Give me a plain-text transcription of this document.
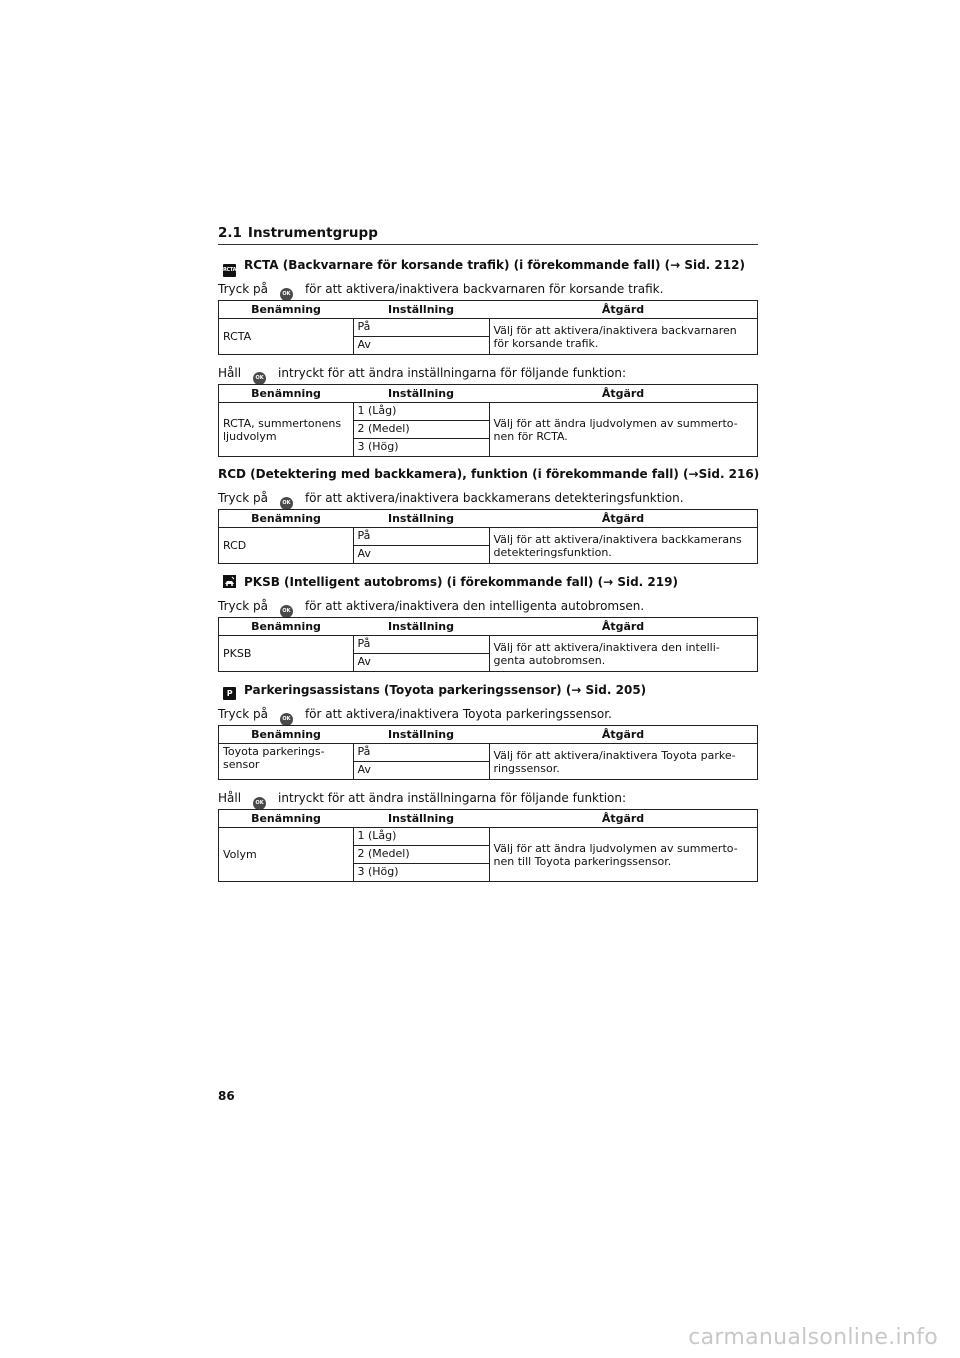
2.1 Instrumentgrupp
RCTA RCTA (Backvarnare för korsande trafik) (i förekommande fall) (→ Sid. 212)
Tryck på	OK för att aktivera/inaktivera backvarnaren för korsande trafik.
Benämning	Inställning	Åtgärd
RCTA	På	Välj för att aktivera/inaktivera backvarnaren för korsande trafik.
	Av	
Håll	OK intryckt för att ändra inställningarna för följande funktion:
Benämning	Inställning	Åtgärd
RCTA, summertonens ljudvolym	1 (Låg)	Välj för att ändra ljudvolymen av summerto- nen för RCTA.
	2 (Medel)	
	3 (Hög)	
RCD (Detektering med backkamera), funktion (i förekommande fall) (→Sid. 216)
Tryck på	OK för att aktivera/inaktivera backkamerans detekteringsfunktion.
Benämning	Inställning	Åtgärd
RCD	På	Välj för att aktivera/inaktivera backkamerans detekteringsfunktion.
	Av	
PKSB (Intelligent autobroms) (i förekommande fall) (→ Sid. 219)
Tryck på	OK för att aktivera/inaktivera den intelligenta autobromsen.
Benämning	Inställning	Åtgärd
PKSB	På	Välj för att aktivera/inaktivera den intelli- genta autobromsen.
	Av	
P Parkeringsassistans (Toyota parkeringssensor) (→ Sid. 205)
Tryck på	OK för att aktivera/inaktivera Toyota parkeringssensor.
Benämning	Inställning	Åtgärd
Toyota parkerings- sensor	På	Välj för att aktivera/inaktivera Toyota parke- ringssensor.
	Av	
Håll	OK intryckt för att ändra inställningarna för följande funktion:
Benämning	Inställning	Åtgärd
Volym	1 (Låg)	Välj för att ändra ljudvolymen av summerto- nen till Toyota parkeringssensor.
	2 (Medel)	
	3 (Hög)	
86
carmanualsonline.info
